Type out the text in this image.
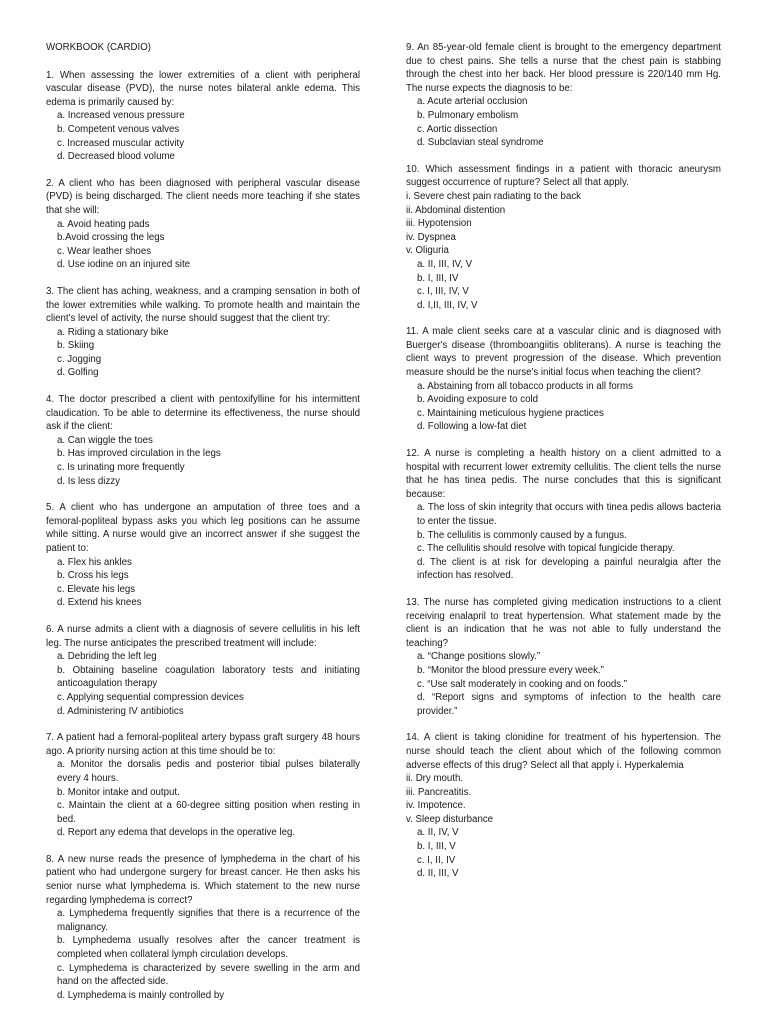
WORKBOOK (CARDIO)
1. When assessing the lower extremities of a client with peripheral vascular disease (PVD), the nurse notes bilateral ankle edema. This edema is primarily caused by:
a. Increased venous pressure
b. Competent venous valves
c. Increased muscular activity
d. Decreased blood volume
2. A client who has been diagnosed with peripheral vascular disease (PVD) is being discharged. The client needs more teaching if she states that she will:
a. Avoid heating pads
b.Avoid crossing the legs
c. Wear leather shoes
d. Use iodine on an injured site
3. The client has aching, weakness, and a cramping sensation in both of the lower extremities while walking. To promote health and maintain the client's level of activity, the nurse should suggest that the client try:
a. Riding a stationary bike
b. Skiing
c. Jogging
d. Golfing
4. The doctor prescribed a client with pentoxifylline for his intermittent claudication. To be able to determine its effectiveness, the nurse should ask if the client:
a. Can wiggle the toes
b. Has improved circulation in the legs
c. Is urinating more frequently
d. Is less dizzy
5. A client who has undergone an amputation of three toes and a femoral-popliteal bypass asks you which leg positions can he assume while sitting. A nurse would give an incorrect answer if she suggest the patient to:
a. Flex his ankles
b. Cross his legs
c. Elevate his legs
d. Extend his knees
6. A nurse admits a client with a diagnosis of severe cellulitis in his left leg. The nurse anticipates the prescribed treatment will include:
a. Debriding the left leg
b. Obtaining baseline coagulation laboratory tests and initiating anticoagulation therapy
c. Applying sequential compression devices
d. Administering IV antibiotics
7. A patient had a femoral-popliteal artery bypass graft surgery 48 hours ago. A priority nursing action at this time should be to:
a. Monitor the dorsalis pedis and posterior tibial pulses bilaterally every 4 hours.
b. Monitor intake and output.
c. Maintain the client at a 60-degree sitting position when resting in bed.
d. Report any edema that develops in the operative leg.
8. A new nurse reads the presence of lymphedema in the chart of his patient who had undergone surgery for breast cancer. He then asks his senior nurse what lymphedema is. Which statement to the new nurse regarding lymphedema is correct?
a. Lymphedema frequently signifies that there is a recurrence of the malignancy.
b. Lymphedema usually resolves after the cancer treatment is completed when collateral lymph circulation develops.
c. Lymphedema is characterized by severe swelling in the arm and hand on the affected side.
d. Lymphedema is mainly controlled by
9. An 85-year-old female client is brought to the emergency department due to chest pains. She tells a nurse that the chest pain is stabbing through the chest into her back. Her blood pressure is 220/140 mm Hg. The nurse expects the diagnosis to be:
a. Acute arterial occlusion
b. Pulmonary embolism
c. Aortic dissection
d. Subclavian steal syndrome
10. Which assessment findings in a patient with thoracic aneurysm suggest occurrence of rupture? Select all that apply.
i. Severe chest pain radiating to the back
ii. Abdominal distention
iii. Hypotension
iv. Dyspnea
v. Oliguria
a. II, III, IV, V
b. I, III, IV
c. I, III, IV, V
d. I,II, III, IV, V
11. A male client seeks care at a vascular clinic and is diagnosed with Buerger's disease (thromboangiitis obliterans). A nurse is teaching the client ways to prevent progression of the disease. Which prevention measure should be the nurse's initial focus when teaching the client?
a. Abstaining from all tobacco products in all forms
b. Avoiding exposure to cold
c. Maintaining meticulous hygiene practices
d. Following a low-fat diet
12. A nurse is completing a health history on a client admitted to a hospital with recurrent lower extremity cellulitis. The client tells the nurse that he has tinea pedis. The nurse concludes that this is significant because:
a. The loss of skin integrity that occurs with tinea pedis allows bacteria to enter the tissue.
b. The cellulitis is commonly caused by a fungus.
c. The cellulitis should resolve with topical fungicide therapy.
d. The client is at risk for developing a painful neuralgia after the infection has resolved.
13. The nurse has completed giving medication instructions to a client receiving enalapril to treat hypertension. What statement made by the client is an indication that he was not able to fully understand the teaching?
a. “Change positions slowly.”
b. “Monitor the blood pressure every week.”
c. “Use salt moderately in cooking and on foods.”
d. “Report signs and symptoms of infection to the health care provider.”
14. A client is taking clonidine for treatment of his hypertension. The nurse should teach the client about which of the following common adverse effects of this drug? Select all that apply i. Hyperkalemia
ii. Dry mouth.
iii. Pancreatitis.
iv. Impotence.
v. Sleep disturbance
a. II, IV, V
b. I, III, V
c. I, II, IV
d. II, III, V
